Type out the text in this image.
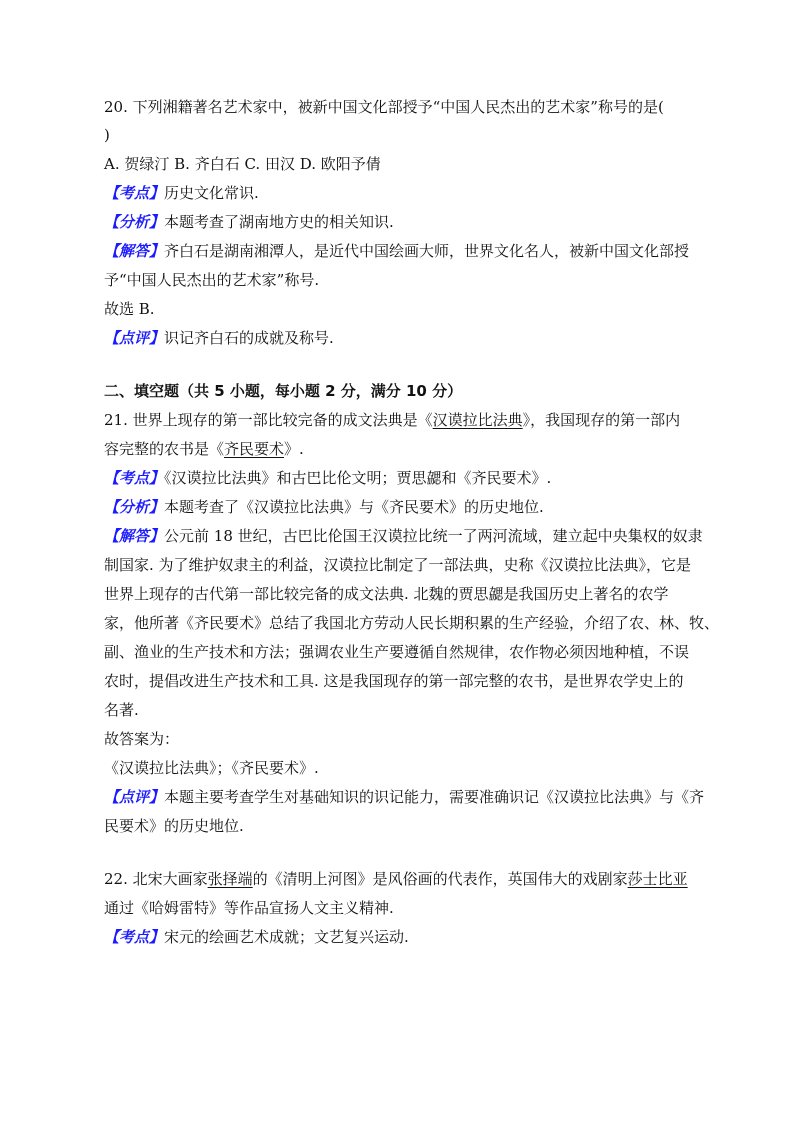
20. 下列湘籍著名艺术家中，被新中国文化部授予“中国人民杰出的艺术家”称号的是(
)
A. 贺绿汀 B. 齐白石 C. 田汉 D. 欧阳予倩
【考点】历史文化常识.
【分析】本题考查了湖南地方史的相关知识.
【解答】齐白石是湖南湘潭人，是近代中国绘画大师，世界文化名人，被新中国文化部授
予“中国人民杰出的艺术家”称号.
故选 B.
【点评】识记齐白石的成就及称号.
二、填空题（共 5 小题，每小题 2 分，满分 10 分）
21. 世界上现存的第一部比较完备的成文法典是《汉谟拉比法典》，我国现存的第一部内
容完整的农书是《齐民要术》.
【考点】《汉谟拉比法典》和古巴比伦文明；贾思勰和《齐民要术》.
【分析】本题考查了《汉谟拉比法典》与《齐民要术》的历史地位.
【解答】公元前 18 世纪，古巴比伦国王汉谟拉比统一了两河流域，建立起中央集权的奴隶
制国家. 为了维护奴隶主的利益，汉谟拉比制定了一部法典，史称《汉谟拉比法典》，它是
世界上现存的古代第一部比较完备的成文法典. 北魏的贾思勰是我国历史上著名的农学
家，他所著《齐民要术》总结了我国北方劳动人民长期积累的生产经验，介绍了农、林、牧、
副、渔业的生产技术和方法；强调农业生产要遵循自然规律，农作物必须因地种植，不误
农时，提倡改进生产技术和工具. 这是我国现存的第一部完整的农书，是世界农学史上的
名著.
故答案为：
《汉谟拉比法典》；《齐民要术》.
【点评】本题主要考查学生对基础知识的识记能力，需要准确识记《汉谟拉比法典》与《齐
民要术》的历史地位.
22. 北宋大画家张择端的《清明上河图》是风俗画的代表作，英国伟大的戏剧家莎士比亚
通过《哈姆雷特》等作品宣扬人文主义精神.
【考点】宋元的绘画艺术成就；文艺复兴运动.
